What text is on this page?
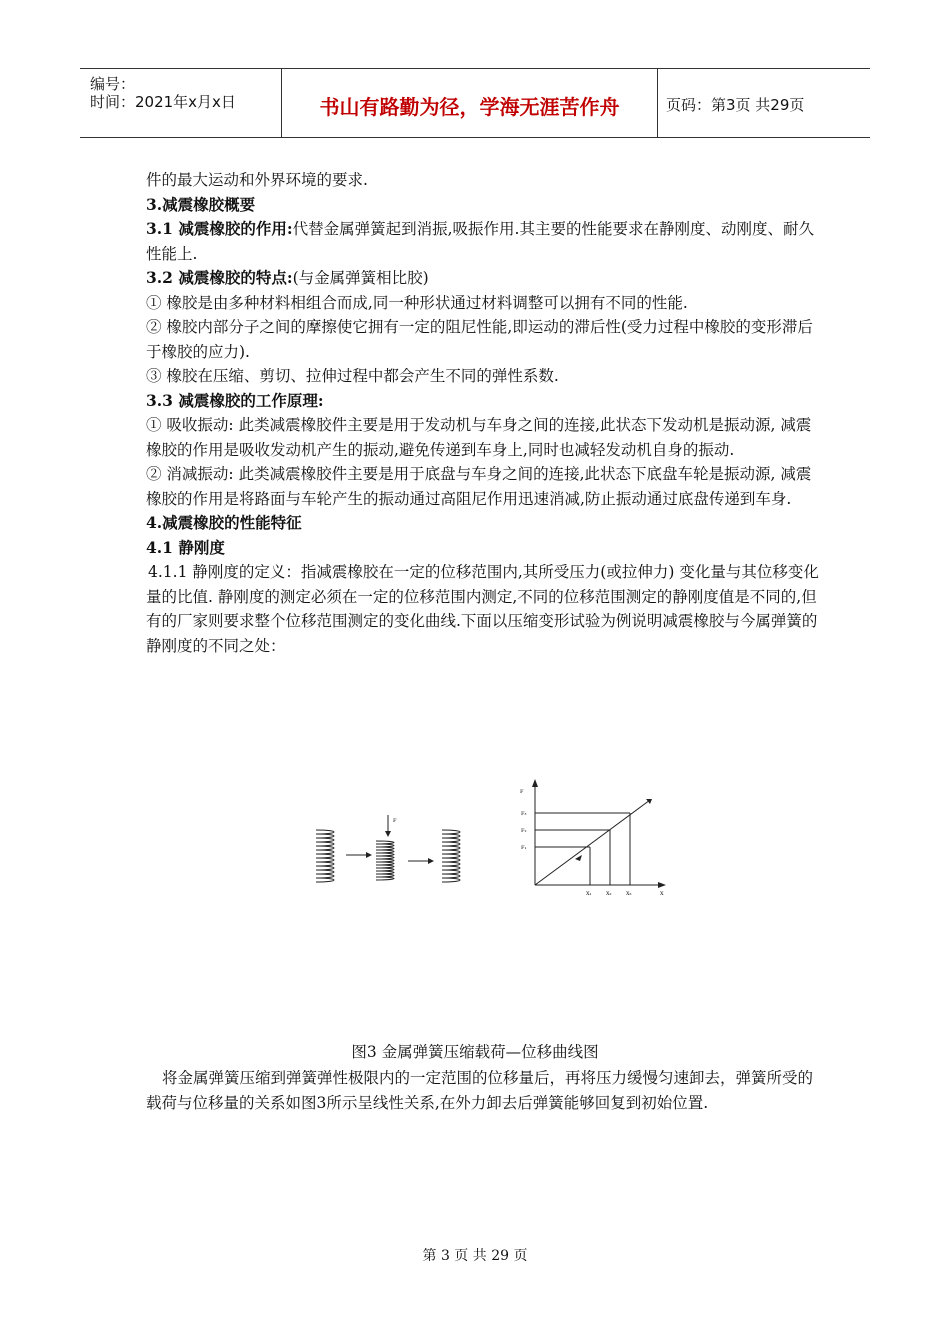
编号：
时间：2021年x月x日	书山有路勤为径，学海无涯苦作舟	页码：第3页 共29页

件的最大运动和外界环境的要求.

3.减震橡胶概要

3.1 减震橡胶的作用:代替金属弹簧起到消振,吸振作用.其主要的性能要求在静刚度、动刚度、耐久性能上.

3.2 减震橡胶的特点:(与金属弹簧相比胶)

① 橡胶是由多种材料相组合而成,同一种形状通过材料调整可以拥有不同的性能.

② 橡胶内部分子之间的摩擦使它拥有一定的阻尼性能,即运动的滞后性(受力过程中橡胶的变形滞后于橡胶的应力).

③ 橡胶在压缩、剪切、拉伸过程中都会产生不同的弹性系数.

3.3 减震橡胶的工作原理:

① 吸收振动: 此类减震橡胶件主要是用于发动机与车身之间的连接,此状态下发动机是振动源, 减震橡胶的作用是吸收发动机产生的振动,避免传递到车身上,同时也减轻发动机自身的振动.

② 消减振动: 此类减震橡胶件主要是用于底盘与车身之间的连接,此状态下底盘车轮是振动源, 减震橡胶的作用是将路面与车轮产生的振动通过高阻尼作用迅速消减,防止振动通过底盘传递到车身.

4.减震橡胶的性能特征

4.1 静刚度

4.1.1 静刚度的定义：指减震橡胶在一定的位移范围内,其所受压力(或拉伸力) 变化量与其位移变化量的比值. 静刚度的测定必须在一定的位移范围内测定,不同的位移范围测定的静刚度值是不同的,但有的厂家则要求整个位移范围测定的变化曲线.下面以压缩变形试验为例说明减震橡胶与今属弹簧的静刚度的不同之处：

F
F
X
F₃
F₂
F₁
X₁	X₂	X₃
图3 金属弹簧压缩载荷—位移曲线图

将金属弹簧压缩到弹簧弹性极限内的一定范围的位移量后，再将压力缓慢匀速卸去，弹簧所受的载荷与位移量的关系如图3所示呈线性关系,在外力卸去后弹簧能够回复到初始位置.

第 3 页 共 29 页
